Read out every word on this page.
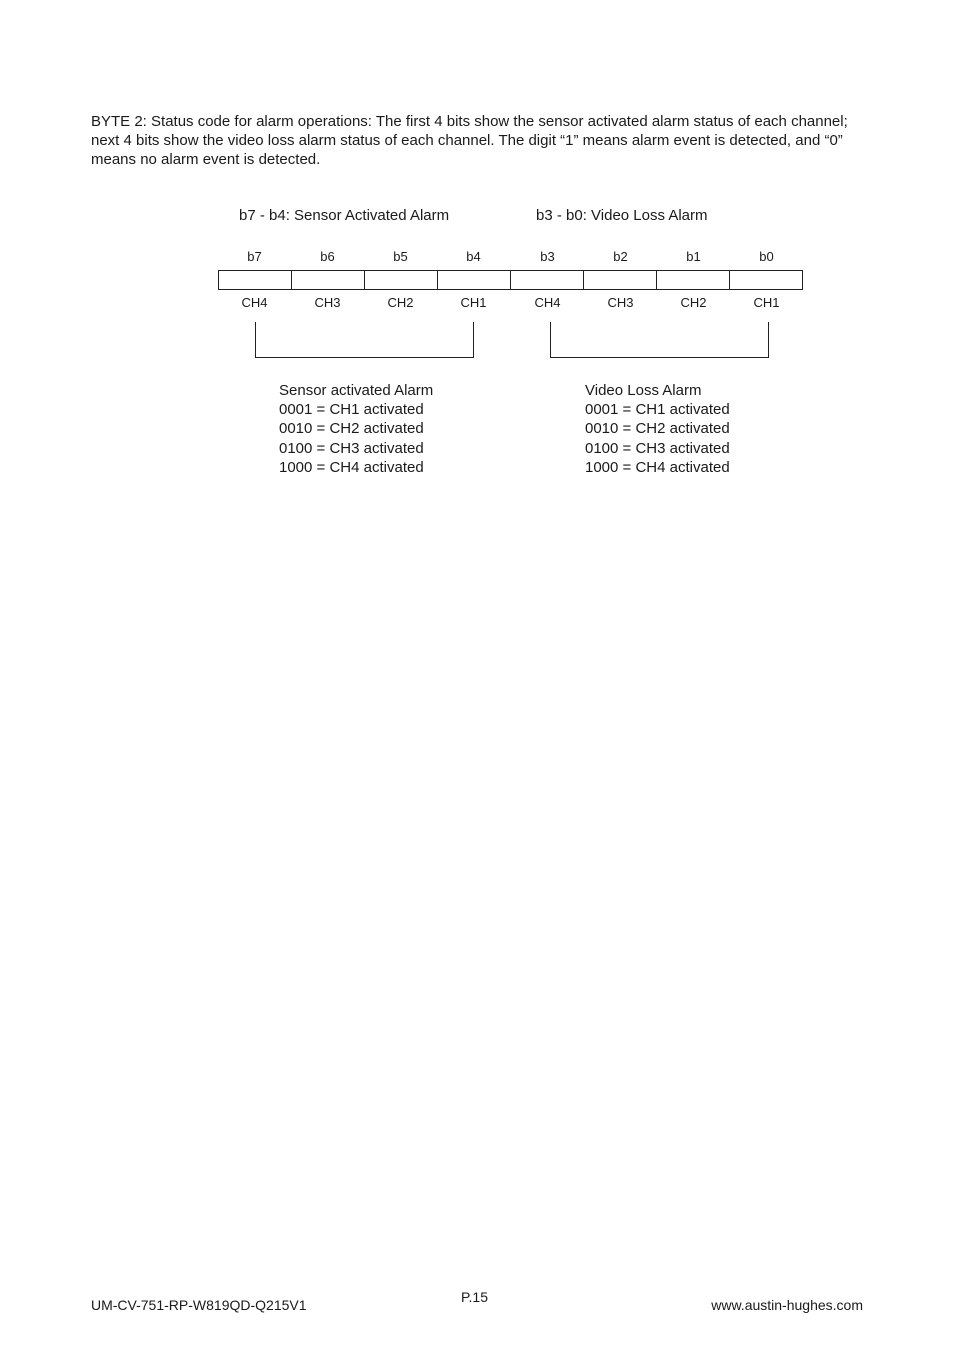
BYTE 2: Status code for alarm operations: The first 4 bits show the sensor activated alarm status of each channel; next 4 bits show the video loss alarm status of each channel. The digit “1” means alarm event is detected, and “0” means no alarm event is detected.

b7 - b4: Sensor Activated Alarm	b3 - b0: Video Loss Alarm
b7	b6	b5	b4	b3	b2	b1	b0
CH4	CH3	CH2	CH1	CH4	CH3	CH2	CH1
Sensor activated Alarm
0001 = CH1 activated
0010 = CH2 activated
0100 = CH3 activated
1000 = CH4 activated
Video Loss Alarm
0001 = CH1 activated
0010 = CH2 activated
0100 = CH3 activated
1000 = CH4 activated
UM-CV-751-RP-W819QD-Q215V1	P.15	www.austin-hughes.com
